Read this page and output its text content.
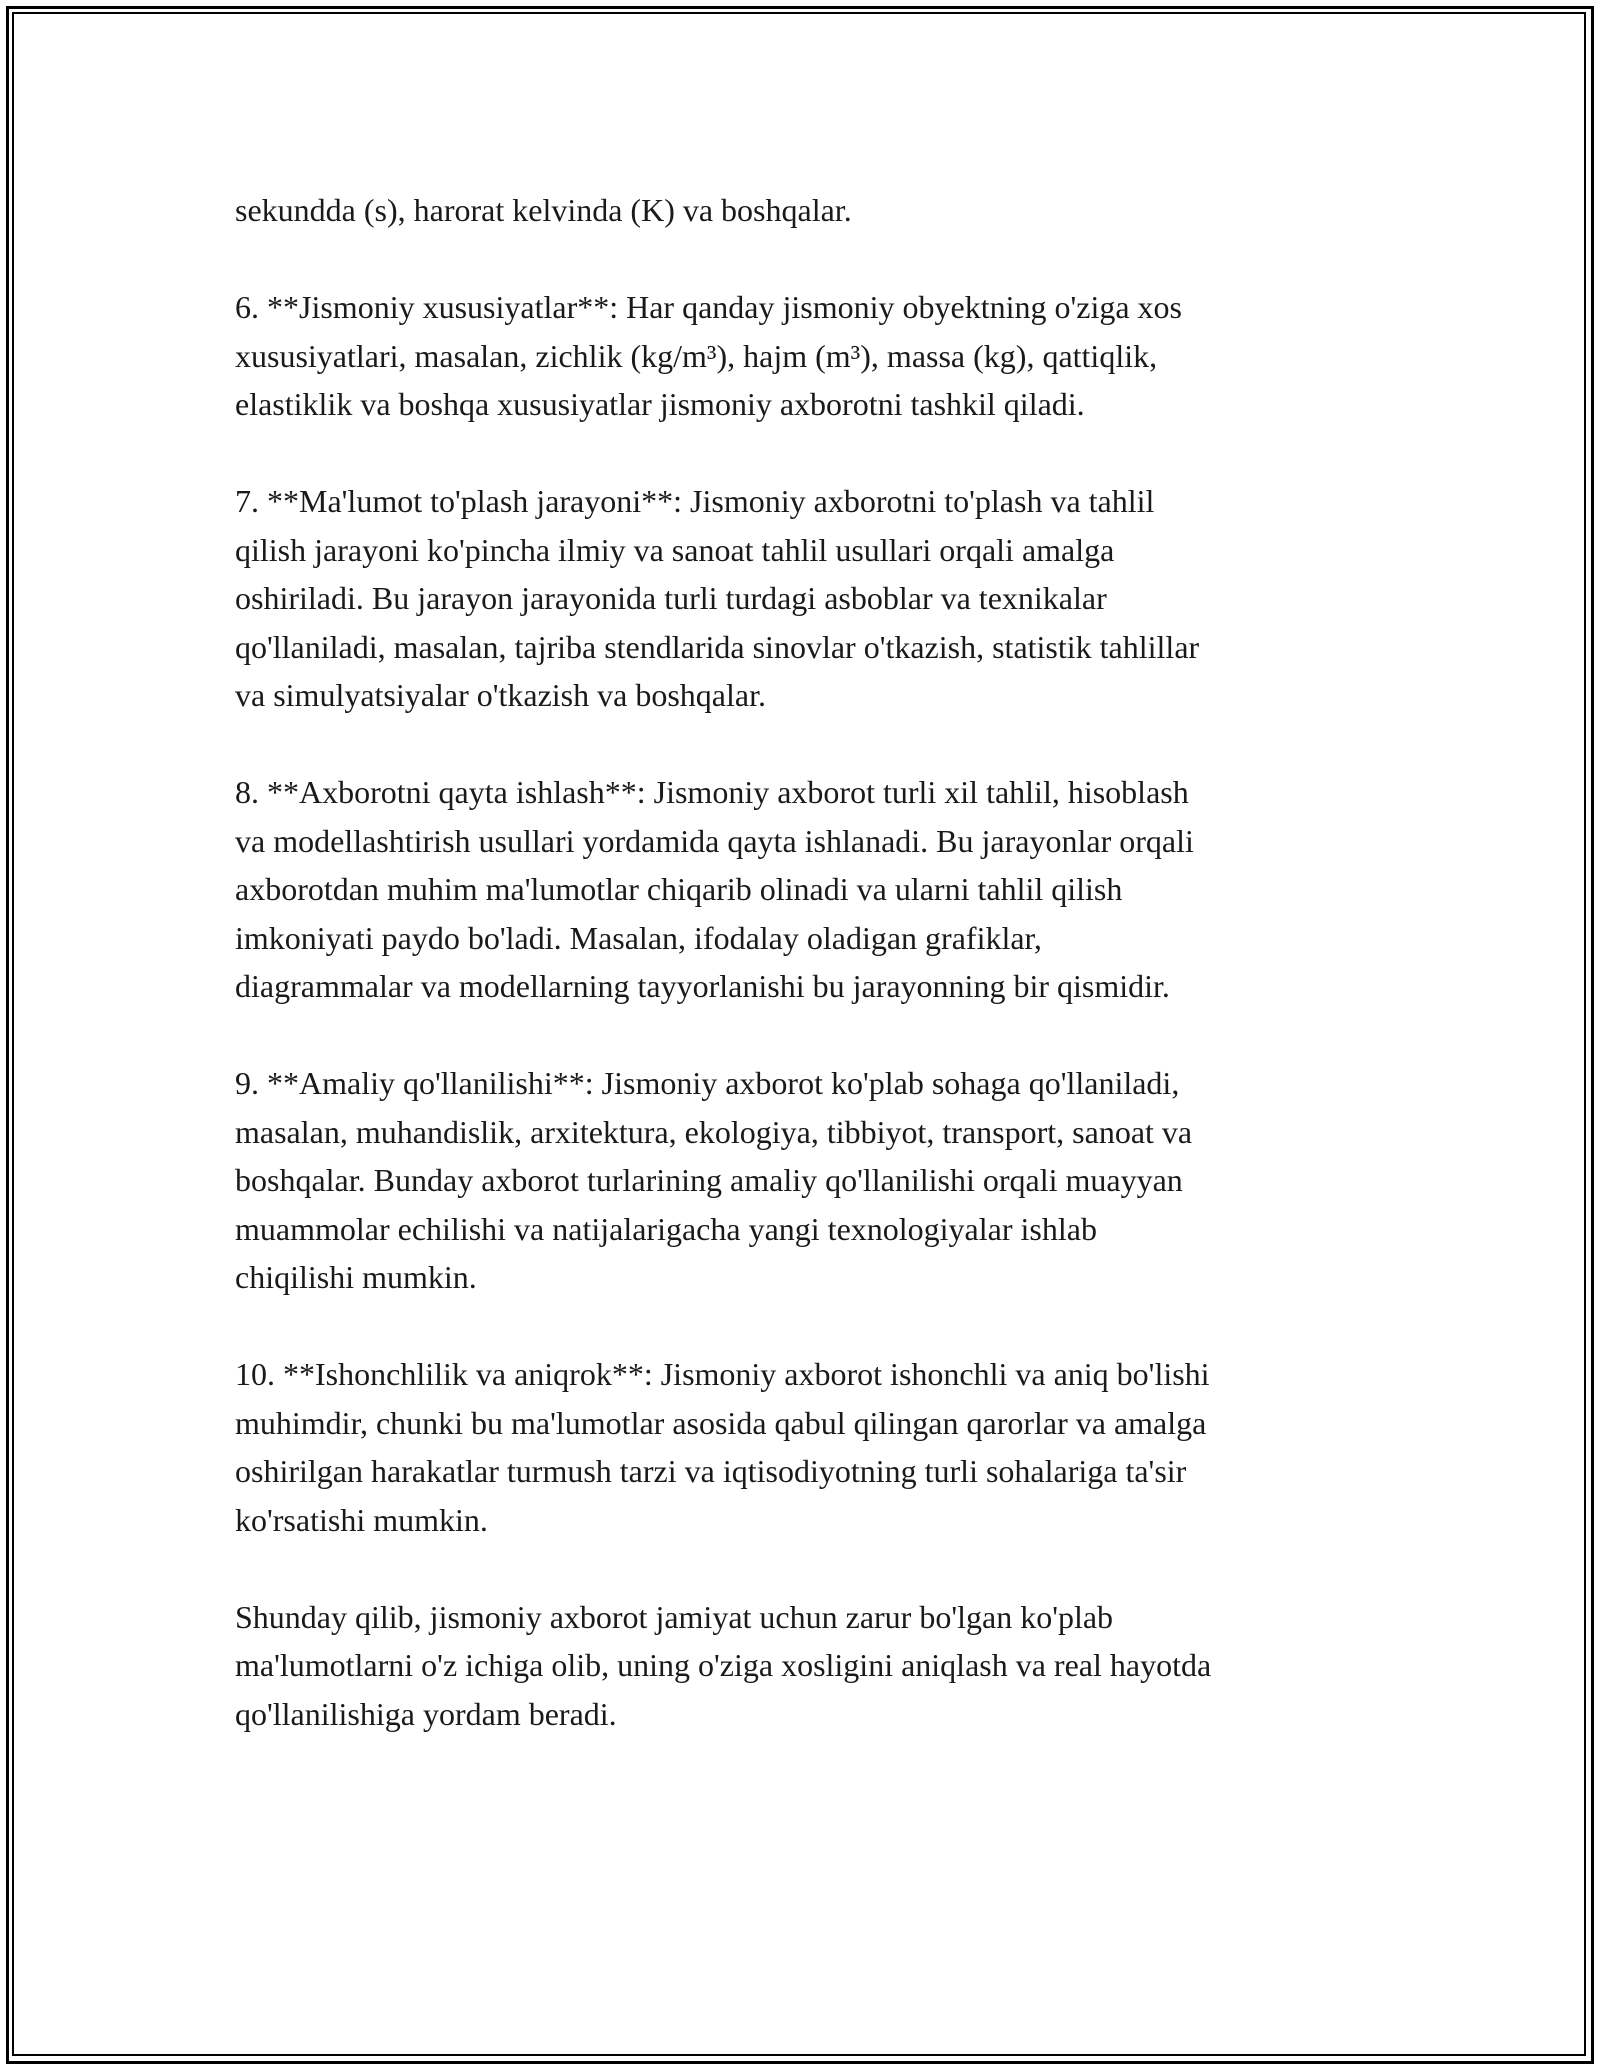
sekundda (s), harorat kelvinda (K) va boshqalar.

6. **Jismoniy xususiyatlar**: Har qanday jismoniy obyektning o'ziga xos
xususiyatlari, masalan, zichlik (kg/m³), hajm (m³), massa (kg), qattiqlik,
elastiklik va boshqa xususiyatlar jismoniy axborotni tashkil qiladi.

7. **Ma'lumot to'plash jarayoni**: Jismoniy axborotni to'plash va tahlil
qilish jarayoni ko'pincha ilmiy va sanoat tahlil usullari orqali amalga
oshiriladi. Bu jarayon jarayonida turli turdagi asboblar va texnikalar
qo'llaniladi, masalan, tajriba stendlarida sinovlar o'tkazish, statistik tahlillar
va simulyatsiyalar o'tkazish va boshqalar.

8. **Axborotni qayta ishlash**: Jismoniy axborot turli xil tahlil, hisoblash
va modellashtirish usullari yordamida qayta ishlanadi. Bu jarayonlar orqali
axborotdan muhim ma'lumotlar chiqarib olinadi va ularni tahlil qilish
imkoniyati paydo bo'ladi. Masalan, ifodalay oladigan grafiklar,
diagrammalar va modellarning tayyorlanishi bu jarayonning bir qismidir.

9. **Amaliy qo'llanilishi**: Jismoniy axborot ko'plab sohaga qo'llaniladi,
masalan, muhandislik, arxitektura, ekologiya, tibbiyot, transport, sanoat va
boshqalar. Bunday axborot turlarining amaliy qo'llanilishi orqali muayyan
muammolar echilishi va natijalarigacha yangi texnologiyalar ishlab
chiqilishi mumkin.

10. **Ishonchlilik va aniqrok**: Jismoniy axborot ishonchli va aniq bo'lishi
muhimdir, chunki bu ma'lumotlar asosida qabul qilingan qarorlar va amalga
oshirilgan harakatlar turmush tarzi va iqtisodiyotning turli sohalariga ta'sir
ko'rsatishi mumkin.

Shunday qilib, jismoniy axborot jamiyat uchun zarur bo'lgan ko'plab
ma'lumotlarni o'z ichiga olib, uning o'ziga xosligini aniqlash va real hayotda
qo'llanilishiga yordam beradi.
